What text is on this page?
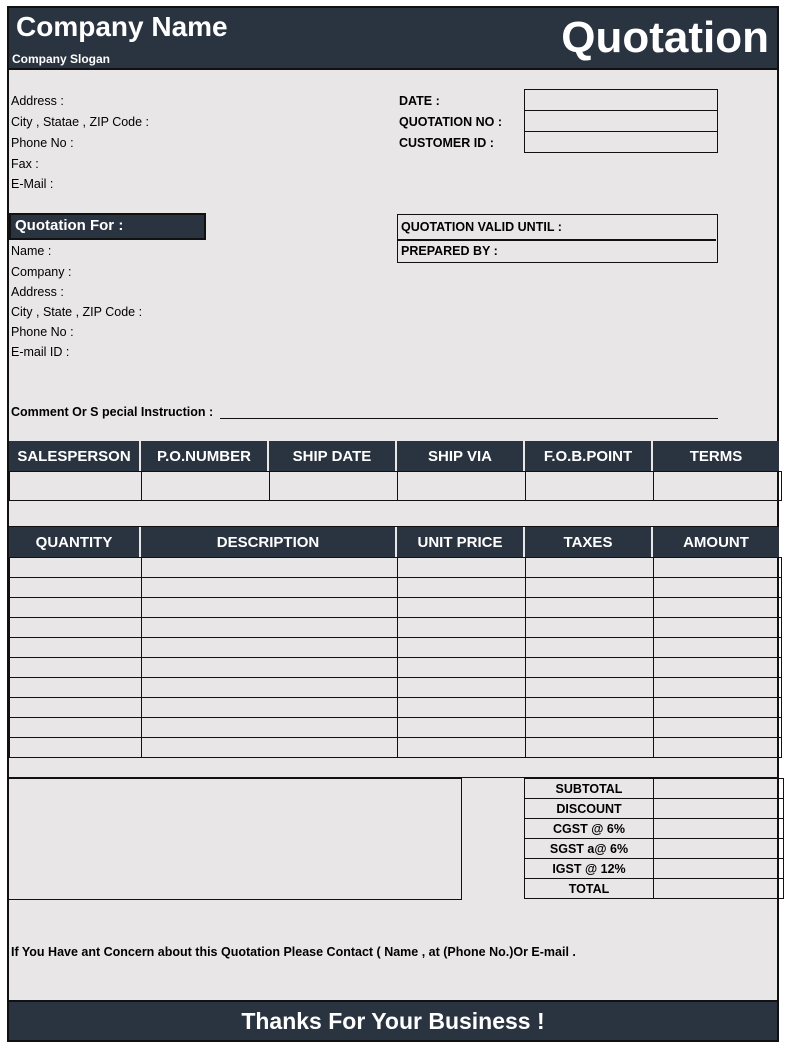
Company Name
Company Slogan	Quotation
Address :
City , Statae , ZIP Code :
Phone No :
Fax :
E-Mail :
DATE :
QUOTATION NO :
CUSTOMER ID :
Quotation For :
Name :
Company :
Address :
City , State , ZIP Code :
Phone No :
E-mail ID :
QUOTATION VALID UNTIL :
PREPARED BY :
Comment Or S pecial Instruction :
SALESPERSON	P.O.NUMBER	SHIP DATE	SHIP VIA	F.O.B.POINT	TERMS

QUANTITY	DESCRIPTION	UNIT PRICE	TAXES	AMOUNT

SUBTOTAL	
DISCOUNT	
CGST @ 6%	
SGST a@ 6%	
IGST @ 12%	
TOTAL	
If You Have ant Concern about this Quotation Please Contact ( Name , at (Phone No.)Or E-mail .
Thanks For Your Business !
